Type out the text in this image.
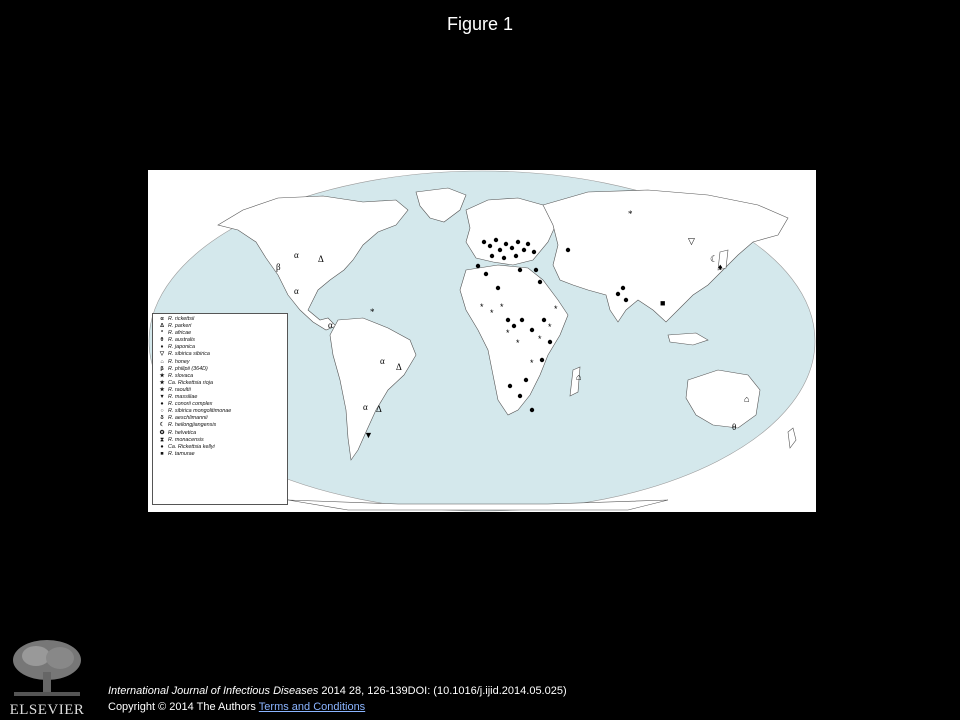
Figure 1
α Δ
β
α
α
α
Δ
Δ
α
▼
*
*
▽
☾
♦
■
⌂
θ
⌂
*
*
*
*
*
*
*
*
*
α R. rickettsii
Δ R. parkeri
* R. africae
θ R. australis
♦ R. japonica
▽ R. sibirica sibirica
⌂ R. honey
β R. philipii (364D)
★ R. slovaca
★ Ca. Rickettsia rioja
★ R. raoultii
▼ R. massiliae
● R. conorii complex
○ R. sibirica mongolitimonae
δ R. aeschlimannii
☾ R. heilongjiangensis
✪ R. helvetica
⧗ R. monacensis
● Ca. Rickettsia kellyi
■ R. tamurae
ELSEVIER
International Journal of Infectious Diseases 2014 28, 126-139DOI: (10.1016/j.ijid.2014.05.025)
Copyright © 2014 The Authors Terms and Conditions
